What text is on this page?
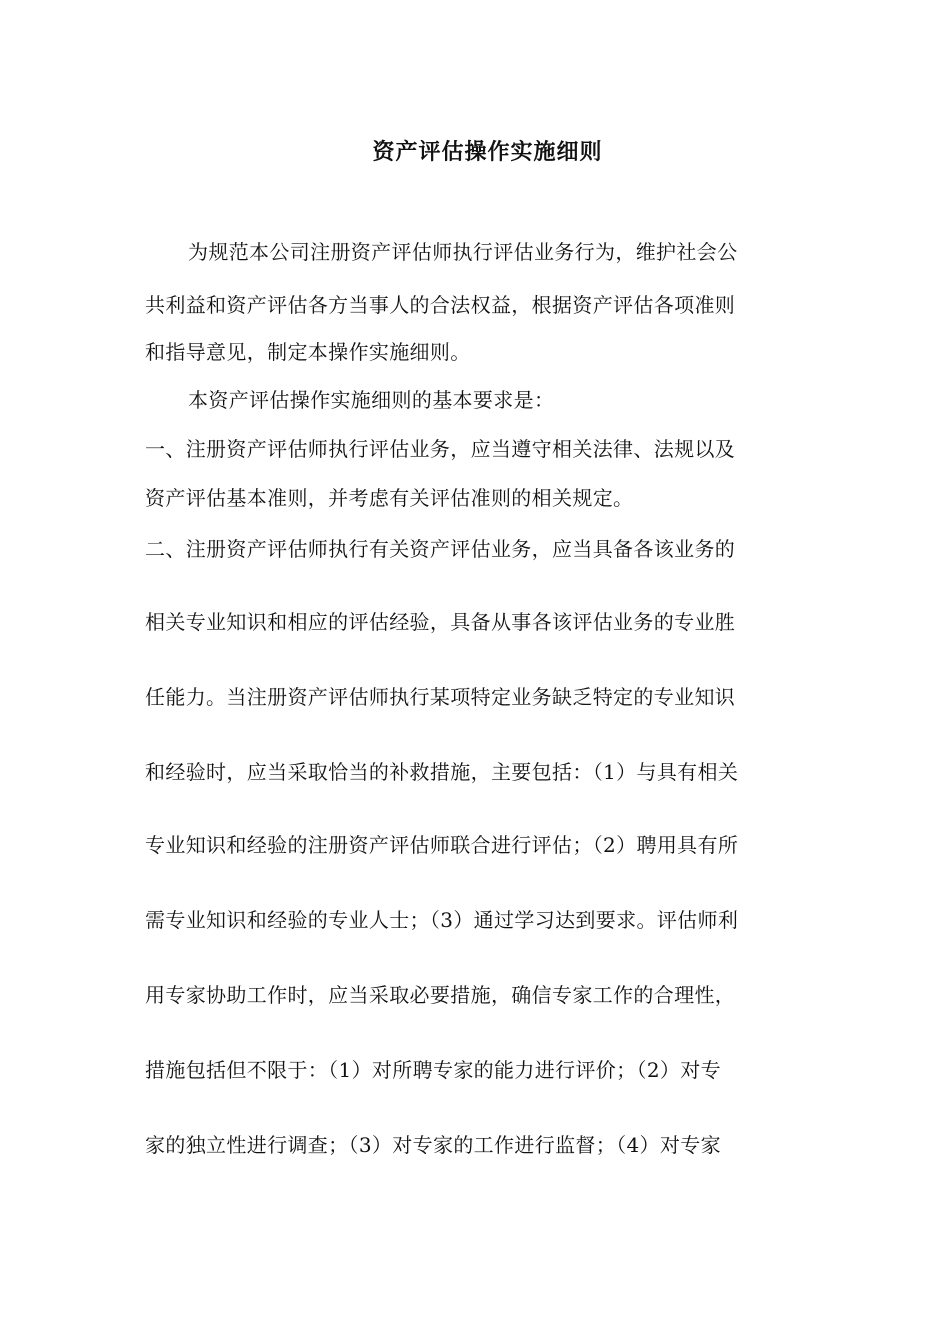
资产评估操作实施细则

为规范本公司注册资产评估师执行评估业务行为，维护社会公

共利益和资产评估各方当事人的合法权益，根据资产评估各项准则

和指导意见，制定本操作实施细则。

本资产评估操作实施细则的基本要求是：

一、注册资产评估师执行评估业务，应当遵守相关法律、法规以及

资产评估基本准则，并考虑有关评估准则的相关规定。

二、注册资产评估师执行有关资产评估业务，应当具备各该业务的

相关专业知识和相应的评估经验，具备从事各该评估业务的专业胜

任能力。当注册资产评估师执行某项特定业务缺乏特定的专业知识

和经验时，应当采取恰当的补救措施，主要包括：（1）与具有相关

专业知识和经验的注册资产评估师联合进行评估；（2）聘用具有所

需专业知识和经验的专业人士；（3）通过学习达到要求。评估师利

用专家协助工作时，应当采取必要措施，确信专家工作的合理性，

措施包括但不限于：（1）对所聘专家的能力进行评价；（2）对专

家的独立性进行调查；（3）对专家的工作进行监督；（4）对专家
